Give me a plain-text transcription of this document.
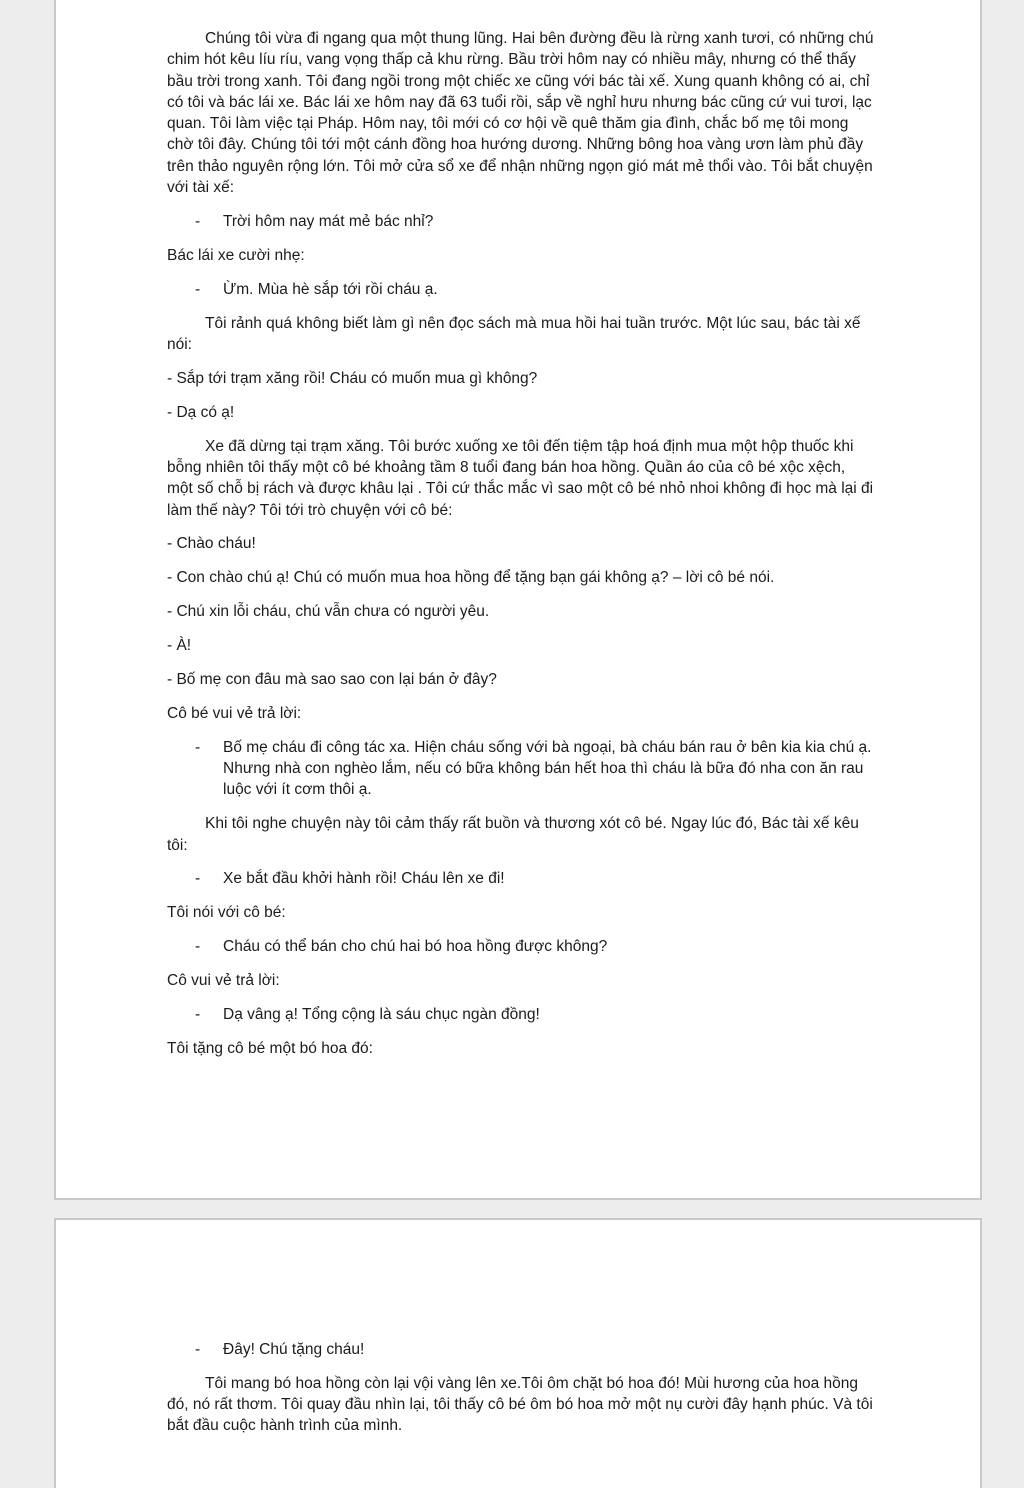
Chúng tôi vừa đi ngang qua một thung lũng. Hai bên đường đều là rừng xanh tươi, có những chú chim hót kêu líu ríu, vang vọng thấp cả khu rừng. Bầu trời hôm nay có nhiều mây, nhưng có thể thấy bầu trời trong xanh. Tôi đang ngồi trong một chiếc xe cũng với bác tài xế. Xung quanh không có ai, chỉ có tôi và bác lái xe. Bác lái xe hôm nay đã 63 tuổi rồi, sắp về nghỉ hưu nhưng bác cũng cứ vui tươi, lạc quan. Tôi làm việc tại Pháp. Hôm nay, tôi mới có cơ hội về quê thăm gia đình, chắc bố mẹ tôi mong chờ tôi đây. Chúng tôi tới một cánh đồng hoa hướng dương. Những bông hoa vàng ươn làm phủ đầy trên thảo nguyên rộng lớn. Tôi mở cửa sổ xe để nhận những ngọn gió mát mẻ thổi vào. Tôi bắt chuyện với tài xế:

- Trời hôm nay mát mẻ bác nhỉ?

Bác lái xe cười nhẹ:

- Ừm. Mùa hè sắp tới rồi cháu ạ.

Tôi rảnh quá không biết làm gì nên đọc sách mà mua hồi hai tuần trước. Một lúc sau, bác tài xế nói:

- Sắp tới trạm xăng rồi! Cháu có muốn mua gì không?

- Dạ có ạ!

Xe đã dừng tại trạm xăng. Tôi bước xuống xe tôi đến tiệm tập hoá định mua một hộp thuốc khi bỗng nhiên tôi thấy một cô bé khoảng tầm 8 tuổi đang bán hoa hồng. Quần áo của cô bé xộc xệch, một số chỗ bị rách và được khâu lại . Tôi cứ thắc mắc vì sao một cô bé nhỏ nhoi không đi học mà lại đi làm thế này? Tôi tới trò chuyện với cô bé:

- Chào cháu!

- Con chào chú ạ! Chú có muốn mua hoa hồng để tặng bạn gái không ạ? – lời cô bé nói.

- Chú xin lỗi cháu, chú vẫn chưa có người yêu.

- À!

- Bố mẹ con đâu mà sao sao con lại bán ở đây?

Cô bé vui vẻ trả lời:

- Bố mẹ cháu đi công tác xa. Hiện cháu sống với bà ngoại, bà cháu bán rau ở bên kia kia chú ạ. Nhưng nhà con nghèo lắm, nếu có bữa không bán hết hoa thì cháu là bữa đó nha con ăn rau luộc với ít cơm thôi ạ.

Khi tôi nghe chuyện này tôi cảm thấy rất buồn và thương xót cô bé. Ngay lúc đó, Bác tài xế kêu tôi:

- Xe bắt đầu khởi hành rồi! Cháu lên xe đi!

Tôi nói với cô bé:

- Cháu có thể bán cho chú hai bó hoa hồng được không?

Cô vui vẻ trả lời:

- Dạ vâng ạ! Tổng cộng là sáu chục ngàn đồng!

Tôi tặng cô bé một bó hoa đó:

- Đây! Chú tặng cháu!

Tôi mang bó hoa hồng còn lại vội vàng lên xe.Tôi ôm chặt bó hoa đó! Mùi hương của hoa hồng đó, nó rất thơm. Tôi quay đầu nhìn lại, tôi thấy cô bé ôm bó hoa mở một nụ cười đây hạnh phúc. Và tôi bắt đầu cuộc hành trình của mình.
